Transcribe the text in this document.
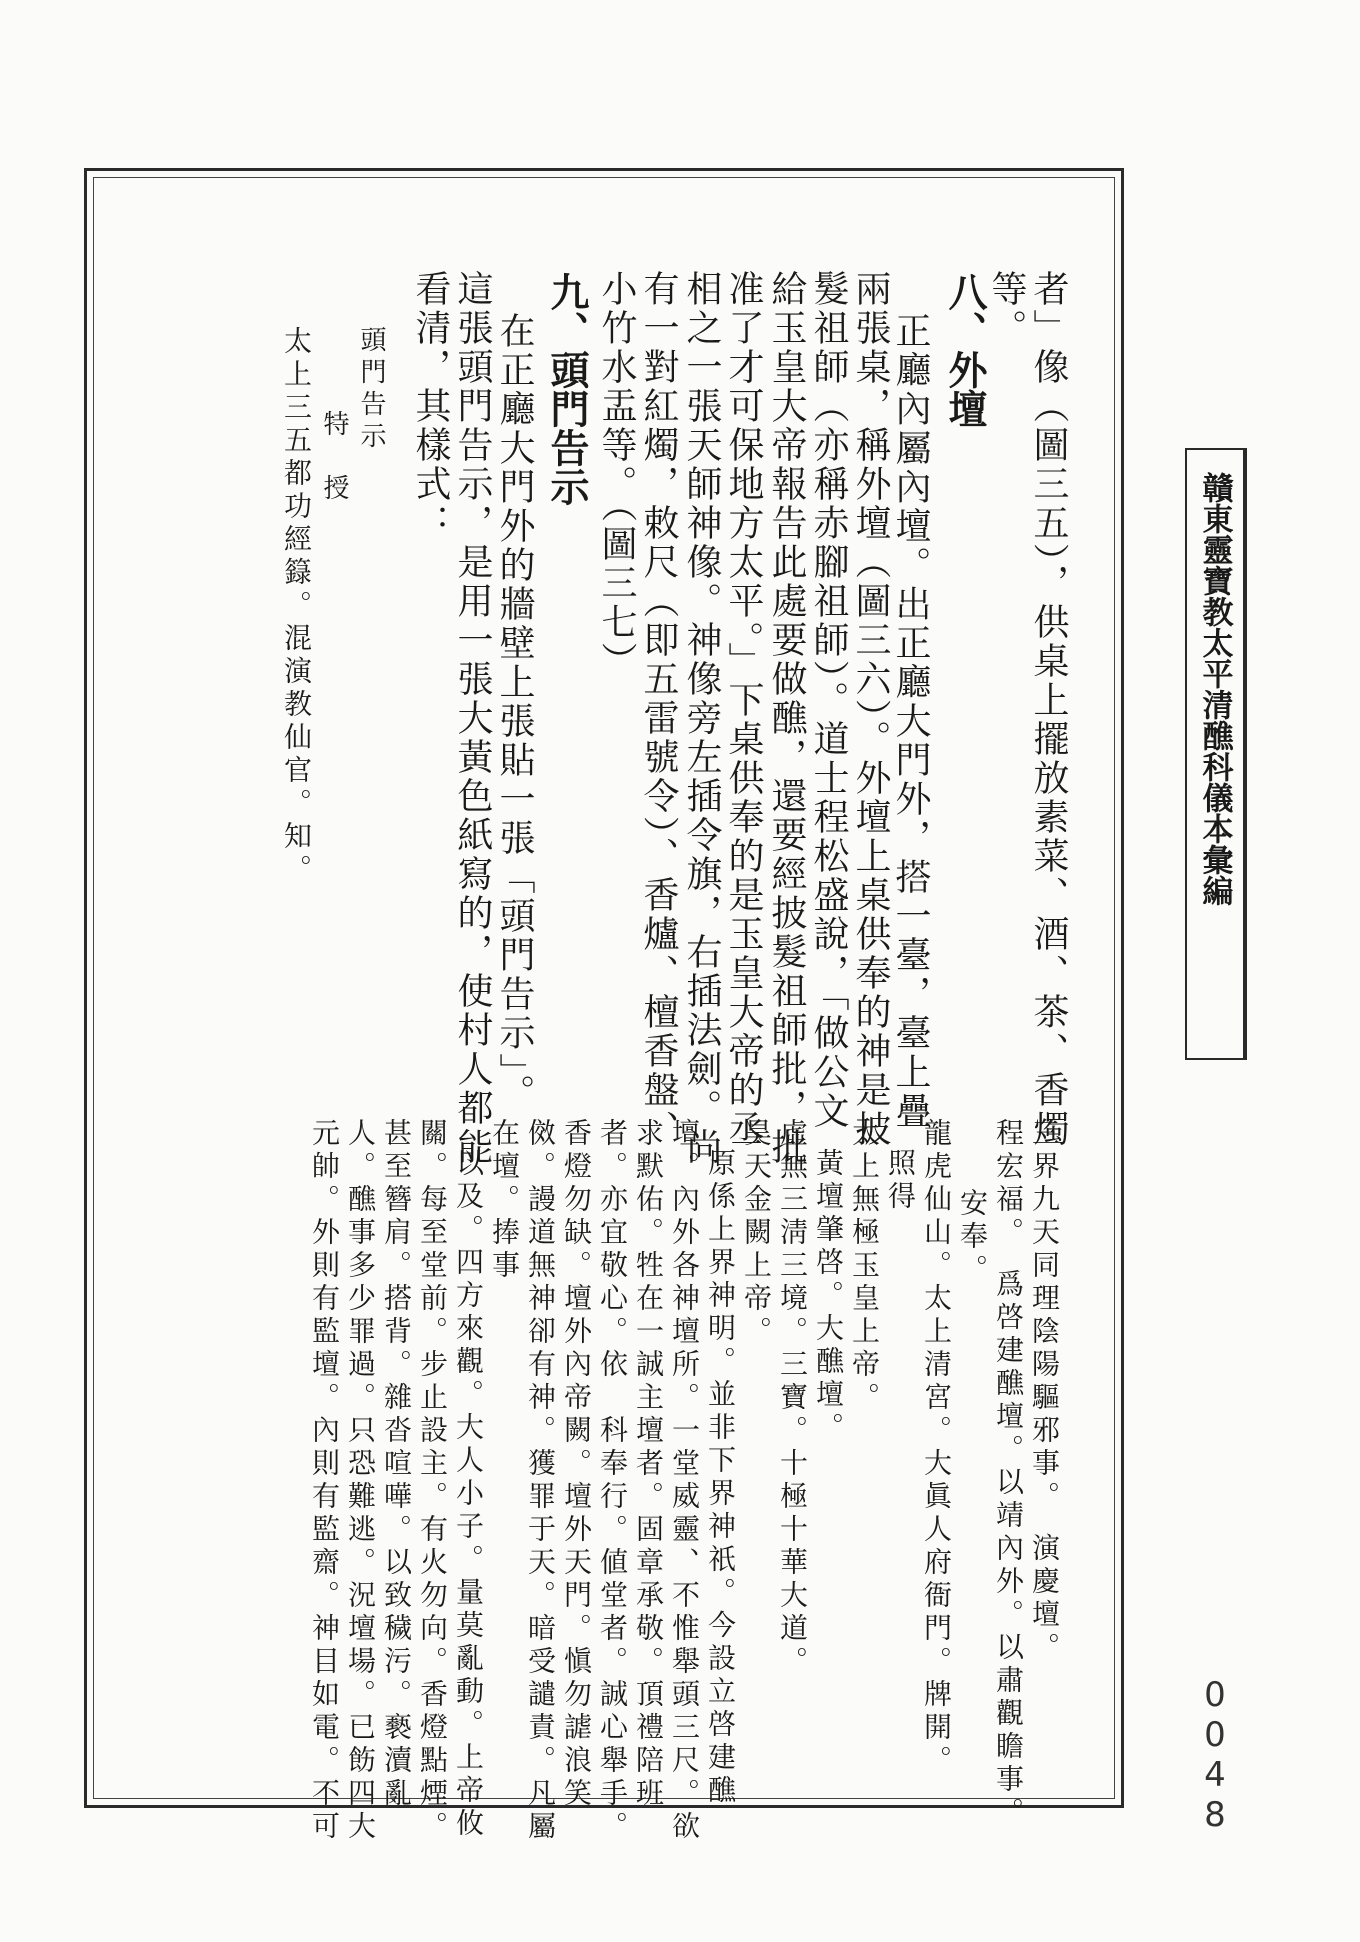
贛東靈寶教太平清醮科儀本彙編

0048

者」像（圖三五），供桌上擺放素菜、酒、茶、香燭

等。

八、外壇

正廳內屬內壇。出正廳大門外，搭一臺，臺上疊

兩張桌，稱外壇（圖三六）。外壇上桌供奉的神是披

髮祖師（亦稱赤腳祖師）。道士程松盛說，「做公文

給玉皇大帝報告此處要做醮，還要經披髮祖師批，批

准了才可保地方太平。」下桌供奉的是玉皇大帝的丞

相之一張天師神像。神像旁左插令旗，右插法劍。尚

有一對紅燭，敕尺（即五雷號令）、香爐、檀香盤、

小竹水盂等。（圖三七）

九、頭門告示

在正廳大門外的牆壁上張貼一張「頭門告示」。

這張頭門告示，是用一張大黃色紙寫的，使村人都能

看清，其樣式：

頭門告示

特　授

太上三五都功經籙。混演教仙官。知。

三界九天同理陰陽驅邪事。　演慶壇。

程宏福。　爲啓建醮壇。以靖內外。以肅觀瞻事。

安奉。

龍虎仙山。太上清宮。大眞人府衙門。牌開。

照得

太上無極玉皇上帝。

黃壇肇啓。大醮壇。

虛無三淸三境。三寶。十極十華大道。

昊天金闕上帝。

原係上界神明。並非下界神祇。今設立啓建醮

壇。內外各神壇所。一堂威靈、不惟舉頭三尺。欲

求默佑。牲在一誠主壇者。固章承敬。頂禮陪班

者。亦宜敬心。依　科奉行。値堂者。誠心舉手。

香燈勿缺。壇外內帝闕。壇外天門。愼勿謔浪笑

傚。謾道無神卻有神。獲罪于天。暗受譴責。凡屬

在壇。捧事

以及。四方來觀。大人小子。量莫亂動。上帝攸

關。每至堂前。步止設主。有火勿向。香燈點煙。

甚至簪肩。搭背。雜沓喧嘩。以致穢污。褻瀆亂

人。醮事多少罪過。只恐難逃。況壇場。已飭四大

元帥。外則有監壇。內則有監齋。神目如電。不可
